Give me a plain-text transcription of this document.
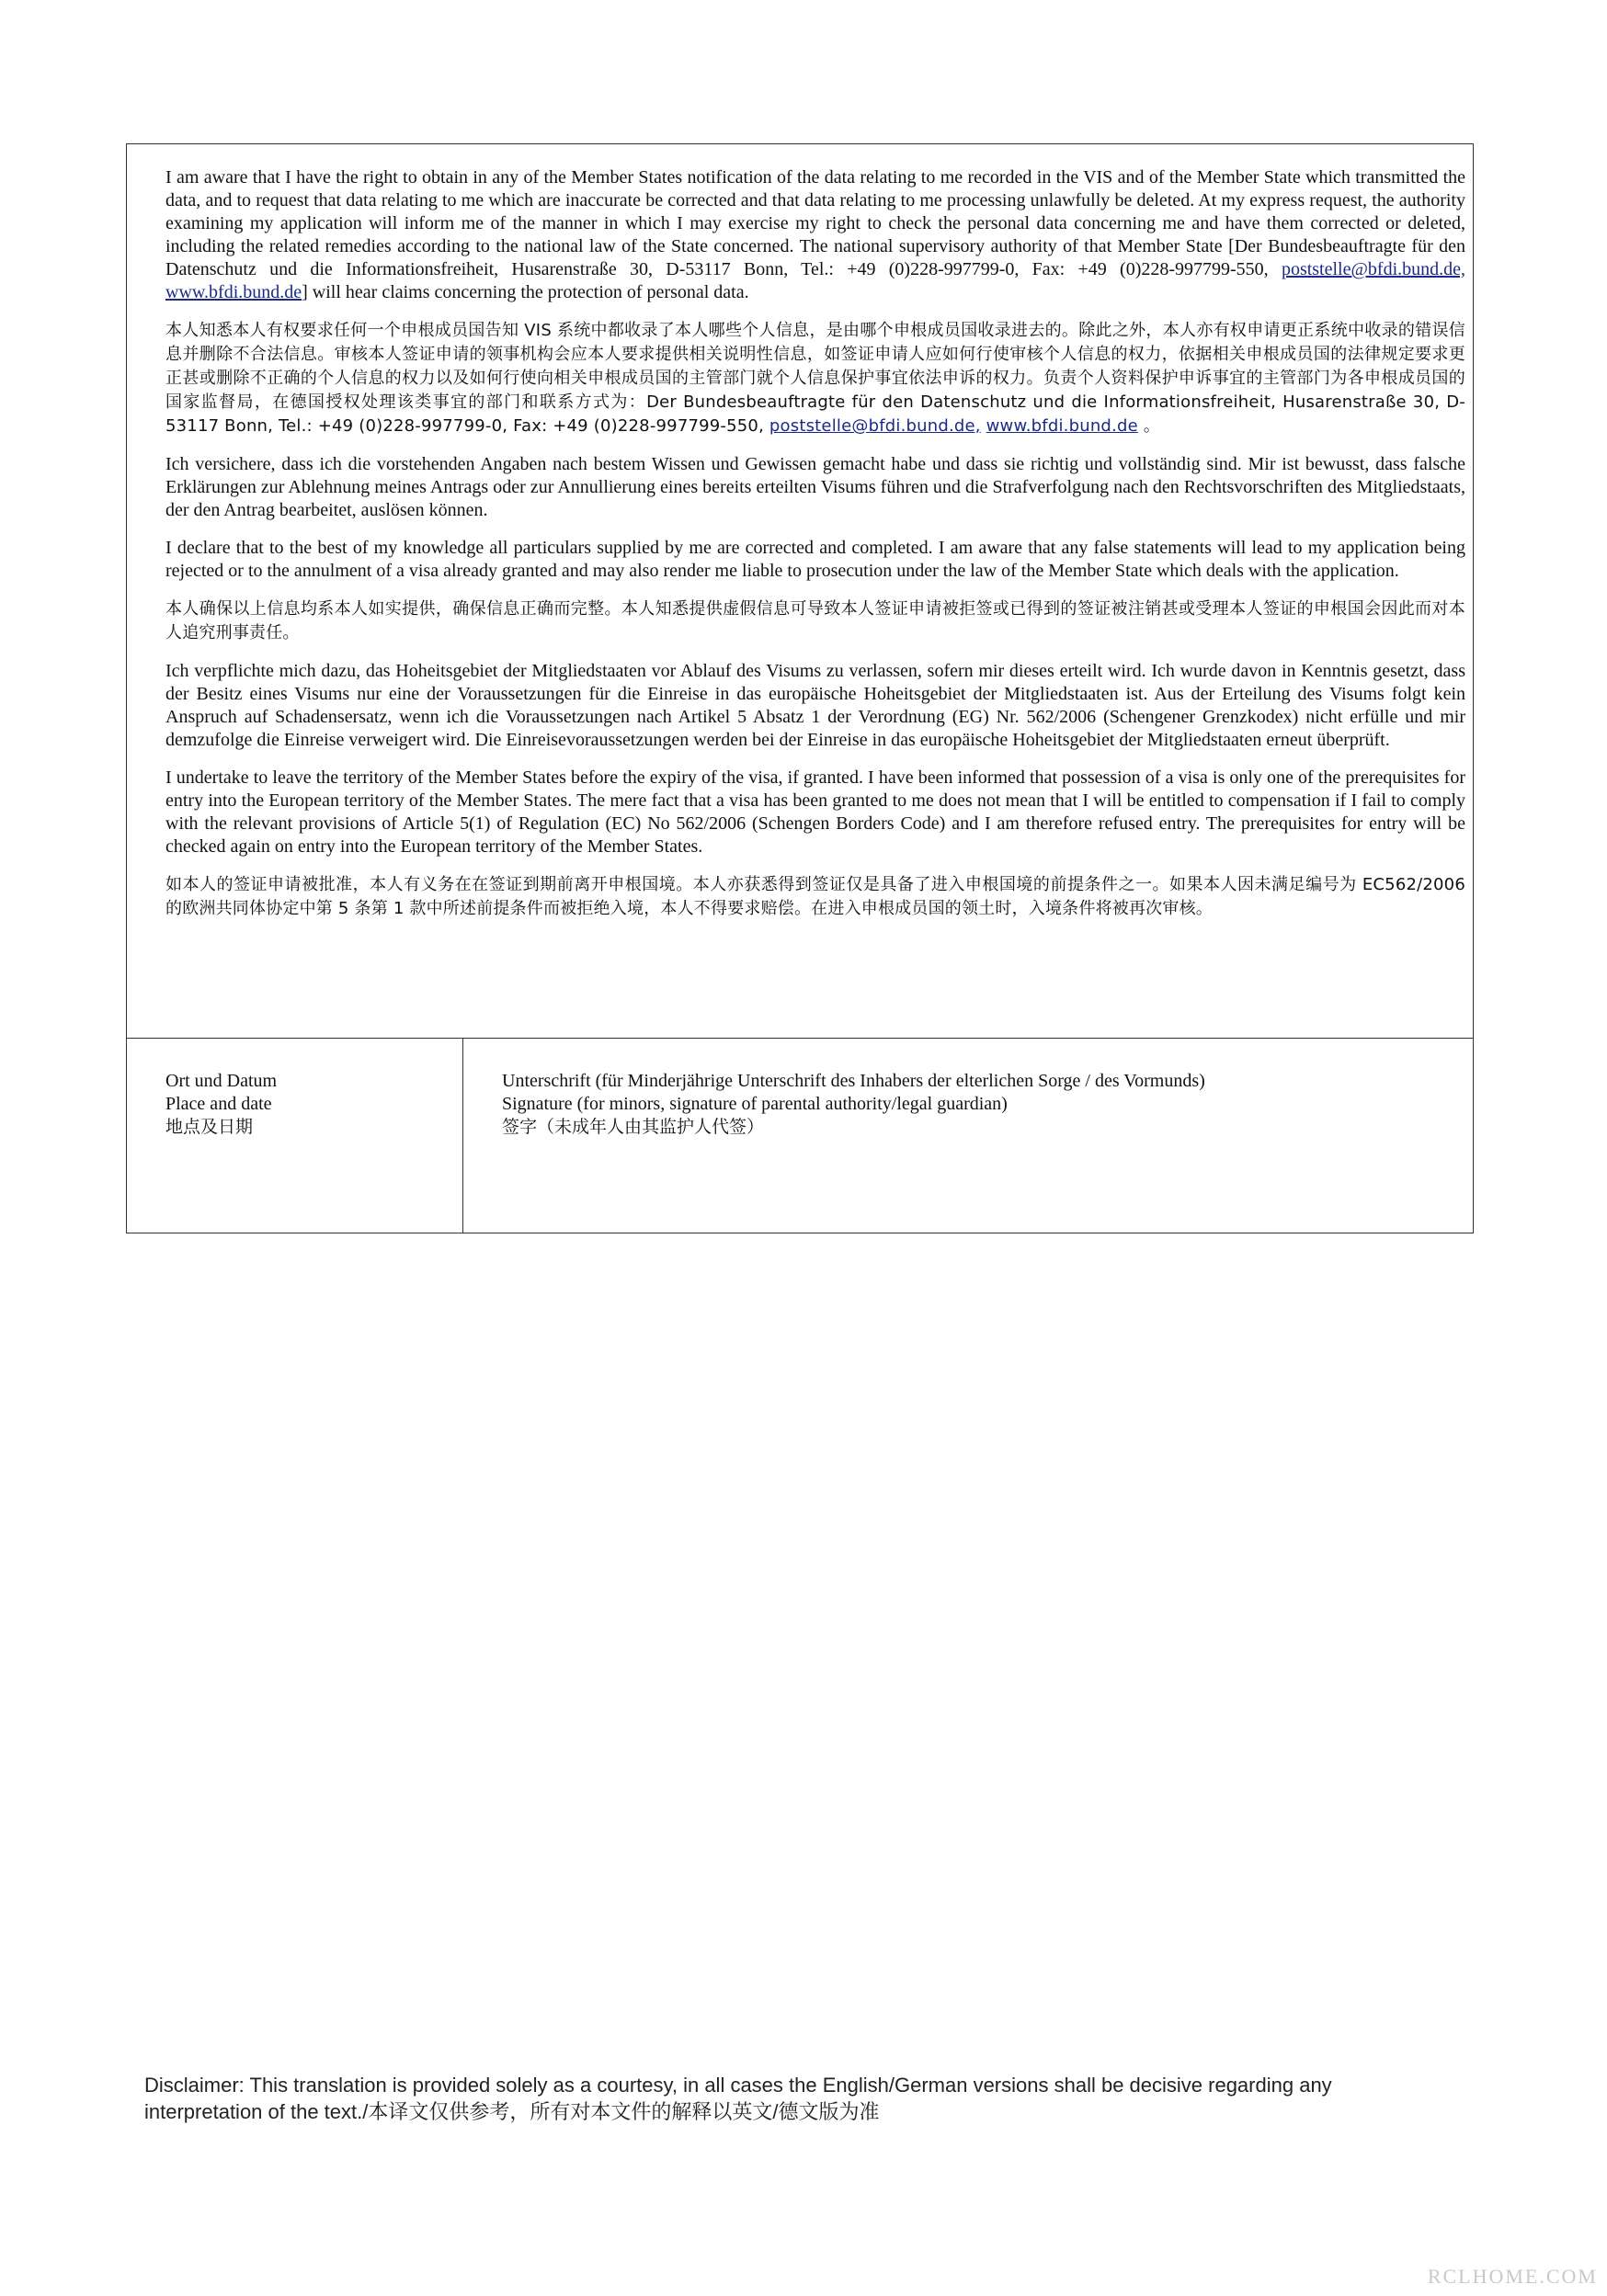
I am aware that I have the right to obtain in any of the Member States notification of the data relating to me recorded in the VIS and of the Member State which transmitted the data, and to request that data relating to me which are inaccurate be corrected and that data relating to me processing unlawfully be deleted. At my express request, the authority examining my application will inform me of the manner in which I may exercise my right to check the personal data concerning me and have them corrected or deleted, including the related remedies according to the national law of the State concerned. The national supervisory authority of that Member State [Der Bundesbeauftragte für den Datenschutz und die Informationsfreiheit, Husarenstraße 30, D-53117 Bonn, Tel.: +49 (0)228-997799-0, Fax: +49 (0)228-997799-550, poststelle@bfdi.bund.de, www.bfdi.bund.de] will hear claims concerning the protection of personal data.

本人知悉本人有权要求任何一个申根成员国告知 VIS 系统中都收录了本人哪些个人信息，是由哪个申根成员国收录进去的。除此之外，本人亦有权申请更正系统中收录的错误信息并删除不合法信息。审核本人签证申请的领事机构会应本人要求提供相关说明性信息，如签证申请人应如何行使审核个人信息的权力，依据相关申根成员国的法律规定要求更正甚或删除不正确的个人信息的权力以及如何行使向相关申根成员国的主管部门就个人信息保护事宜依法申诉的权力。负责个人资料保护申诉事宜的主管部门为各申根成员国的国家监督局，在德国授权处理该类事宜的部门和联系方式为：Der Bundesbeauftragte für den Datenschutz und die Informationsfreiheit, Husarenstraße 30, D-53117 Bonn, Tel.: +49 (0)228-997799-0, Fax: +49 (0)228-997799-550, poststelle@bfdi.bund.de, www.bfdi.bund.de 。

Ich versichere, dass ich die vorstehenden Angaben nach bestem Wissen und Gewissen gemacht habe und dass sie richtig und vollständig sind. Mir ist bewusst, dass falsche Erklärungen zur Ablehnung meines Antrags oder zur Annullierung eines bereits erteilten Visums führen und die Strafverfolgung nach den Rechtsvorschriften des Mitgliedstaats, der den Antrag bearbeitet, auslösen können.

I declare that to the best of my knowledge all particulars supplied by me are corrected and completed. I am aware that any false statements will lead to my application being rejected or to the annulment of a visa already granted and may also render me liable to prosecution under the law of the Member State which deals with the application.

本人确保以上信息均系本人如实提供，确保信息正确而完整。本人知悉提供虚假信息可导致本人签证申请被拒签或已得到的签证被注销甚或受理本人签证的申根国会因此而对本人追究刑事责任。

Ich verpflichte mich dazu, das Hoheitsgebiet der Mitgliedstaaten vor Ablauf des Visums zu verlassen, sofern mir dieses erteilt wird. Ich wurde davon in Kenntnis gesetzt, dass der Besitz eines Visums nur eine der Voraussetzungen für die Einreise in das europäische Hoheitsgebiet der Mitgliedstaaten ist. Aus der Erteilung des Visums folgt kein Anspruch auf Schadensersatz, wenn ich die Voraussetzungen nach Artikel 5 Absatz 1 der Verordnung (EG) Nr. 562/2006 (Schengener Grenzkodex) nicht erfülle und mir demzufolge die Einreise verweigert wird. Die Einreisevoraussetzungen werden bei der Einreise in das europäische Hoheitsgebiet der Mitgliedstaaten erneut überprüft.

I undertake to leave the territory of the Member States before the expiry of the visa, if granted. I have been informed that possession of a visa is only one of the prerequisites for entry into the European territory of the Member States. The mere fact that a visa has been granted to me does not mean that I will be entitled to compensation if I fail to comply with the relevant provisions of Article 5(1) of Regulation (EC) No 562/2006 (Schengen Borders Code) and I am therefore refused entry. The prerequisites for entry will be checked again on entry into the European territory of the Member States.

如本人的签证申请被批准，本人有义务在在签证到期前离开申根国境。本人亦获悉得到签证仅是具备了进入申根国境的前提条件之一。如果本人因未满足编号为 EC562/2006 的欧洲共同体协定中第 5 条第 1 款中所述前提条件而被拒绝入境，本人不得要求赔偿。在进入申根成员国的领土时，入境条件将被再次审核。

Ort und Datum
Place and date
地点及日期
Unterschrift (für Minderjährige Unterschrift des Inhabers der elterlichen Sorge / des Vormunds)
Signature (for minors, signature of parental authority/legal guardian)
签字（未成年人由其监护人代签）
Disclaimer: This translation is provided solely as a courtesy, in all cases the English/German versions shall be decisive regarding any
interpretation of the text./本译文仅供参考，所有对本文件的解释以英文/德文版为准
RCLHOME.COM
